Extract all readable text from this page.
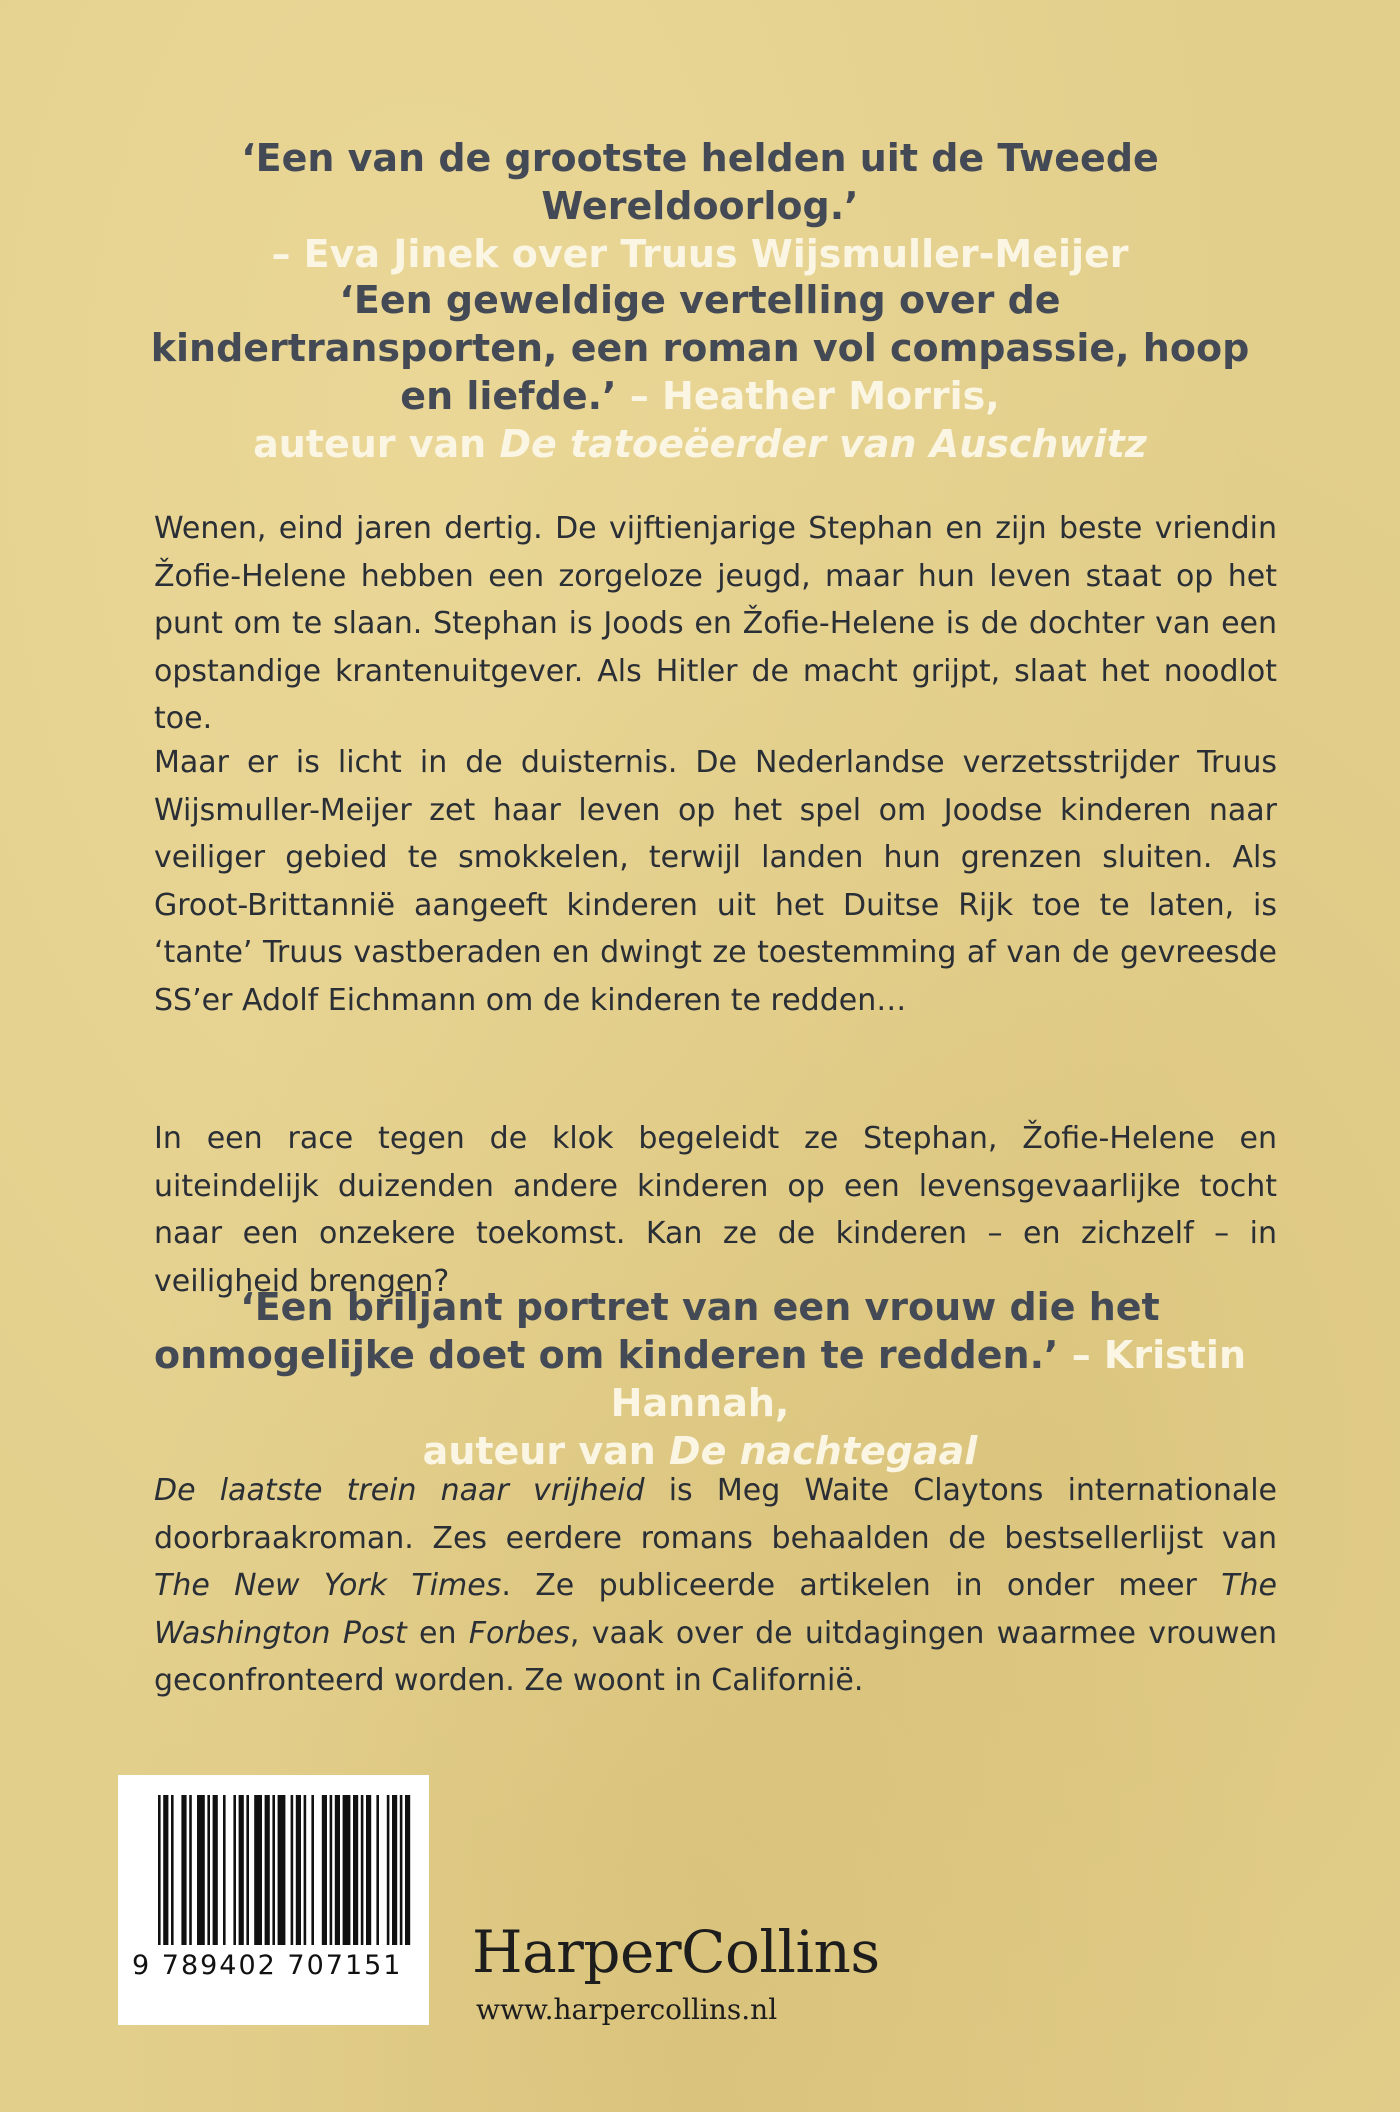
‘Een van de grootste helden uit de Tweede Wereldoorlog.’
– Eva Jinek over Truus Wijsmuller-Meijer
‘Een geweldige vertelling over de kindertransporten, een roman vol compassie, hoop en liefde.’ – Heather Morris,
auteur van De tatoeëerder van Auschwitz

Wenen, eind jaren dertig. De vijftienjarige Stephan en zijn beste vriendin Žofie-Helene hebben een zorgeloze jeugd, maar hun leven staat op het punt om te slaan. Stephan is Joods en Žofie-Helene is de dochter van een opstandige krantenuitgever. Als Hitler de macht grijpt, slaat het noodlot toe.

Maar er is licht in de duisternis. De Nederlandse verzetsstrijder Truus Wijsmuller-Meijer zet haar leven op het spel om Joodse kinderen naar veiliger gebied te smokkelen, terwijl landen hun grenzen sluiten. Als Groot-Brittannië aangeeft kinderen uit het Duitse Rijk toe te laten, is ‘tante’ Truus vastberaden en dwingt ze toestemming af van de gevreesde SS’er Adolf Eichmann om de kinderen te redden…

In een race tegen de klok begeleidt ze Stephan, Žofie-Helene en uiteindelijk duizenden andere kinderen op een levensgevaarlijke tocht naar een onzekere toekomst. Kan ze de kinderen – en zichzelf – in veiligheid brengen?

‘Een briljant portret van een vrouw die het onmogelijke doet om kinderen te redden.’ – Kristin Hannah,
auteur van De nachtegaal

De laatste trein naar vrijheid is Meg Waite Claytons internationale doorbraakroman. Zes eerdere romans behaalden de bestsellerlijst van The New York Times. Ze publiceerde artikelen in onder meer The Washington Post en Forbes, vaak over de uitdagingen waarmee vrouwen geconfronteerd worden. Ze woont in Californië.

9 789402 707151	HarperCollins
www.harpercollins.nl
